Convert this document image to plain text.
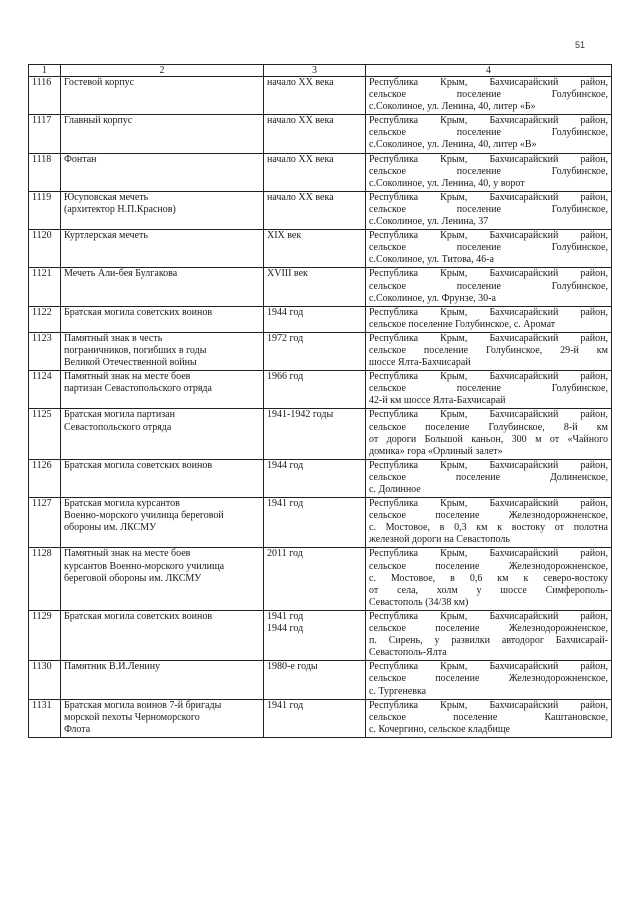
51
1	2	3	4
1116	Гостевой корпус	начало XX века	Республика Крым, Бахчисарайский район,
сельское поселение Голубинское,
с.Соколиное, ул. Ленина, 40, литер «Б»

1117	Главный корпус	начало XX века	Республика Крым, Бахчисарайский район,
сельское поселение Голубинское,
с.Соколиное, ул. Ленина, 40, литер «В»

1118	Фонтан	начало XX века	Республика Крым, Бахчисарайский район,
сельское поселение Голубинское,
с.Соколиное, ул. Ленина, 40, у ворот

1119	Юсуповская мечеть
(архитектор Н.П.Краснов)	начало XX века	Республика Крым, Бахчисарайский район,
сельское поселение Голубинское,
с.Соколиное, ул. Ленина, 37

1120	Куртлерская мечеть	XIX век	Республика Крым, Бахчисарайский район,
сельское поселение Голубинское,
с.Соколиное, ул. Титова, 46-а

1121	Мечеть Али-бея Булгакова	XVIII век	Республика Крым, Бахчисарайский район,
сельское поселение Голубинское,
с.Соколиное, ул. Фрунзе, 30-а

1122	Братская могила советских воинов	1944 год	Республика Крым, Бахчисарайский район,
сельское поселение Голубинское, с. Аромат

1123	Памятный знак в честь
пограничников, погибших в годы
Великой Отечественной войны	1972 год	Республика Крым, Бахчисарайский район,
сельское поселение Голубинское, 29-й км
шоссе Ялта-Бахчисарай

1124	Памятный знак на месте боев
партизан Севастопольского отряда	1966 год	Республика Крым, Бахчисарайский район,
сельское поселение Голубинское,
42-й км шоссе Ялта-Бахчисарай

1125	Братская могила партизан
Севастопольского отряда	1941-1942 годы	Республика Крым, Бахчисарайский район,
сельское поселение Голубинское, 8-й км
от дороги Большой каньон, 300 м от «Чайного
домика» гора «Орлиный залет»

1126	Братская могила советских воинов	1944 год	Республика Крым, Бахчисарайский район,
сельское поселение Долиненское,
с. Долинное

1127	Братская могила курсантов
Военно-морского училища береговой
обороны им. ЛКСМУ	1941 год	Республика Крым, Бахчисарайский район,
сельское поселение Железнодорожненское,
с. Мостовое, в 0,3 км к востоку от полотна
железной дороги на Севастополь

1128	Памятный знак на месте боев
курсантов Военно-морского училища
береговой обороны им. ЛКСМУ	2011 год	Республика Крым, Бахчисарайский район,
сельское поселение Железнодорожненское,
с. Мостовое, в 0,6 км к северо-востоку
от села, холм у шоссе Симферополь-
Севастополь (34/38 км)

1129	Братская могила советских воинов	1941 год
1944 год	Республика Крым, Бахчисарайский район,
сельское поселение Железнодорожненское,
п. Сирень, у развилки автодорог Бахчисарай-
Севастополь-Ялта

1130	Памятник В.И.Ленину	1980-е годы	Республика Крым, Бахчисарайский район,
сельское поселение Железнодорожненское,
с. Тургеневка

1131	Братская могила воинов 7-й бригады
морской пехоты Черноморского
Флота	1941 год	Республика Крым, Бахчисарайский район,
сельское поселение Каштановское,
с. Кочергино, сельское кладбище
